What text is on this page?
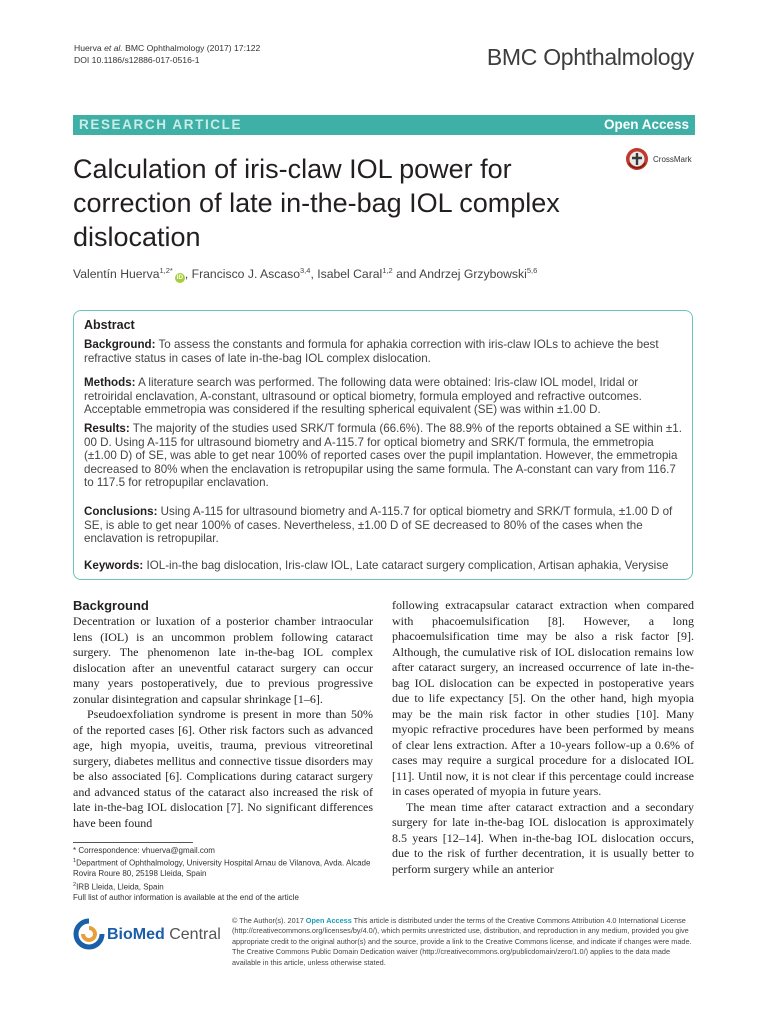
Huerva et al. BMC Ophthalmology (2017) 17:122
DOI 10.1186/s12886-017-0516-1	BMC Ophthalmology
RESEARCH ARTICLE	Open Access
Calculation of iris-claw IOL power for correction of late in-the-bag IOL complex dislocation
CrossMark
Valentín Huerva$^{1,2*}$iD , Francisco J. Ascaso$^{3,4}$, Isabel Caral$^{1,2}$ and Andrzej Grzybowski$^{5,6}$
Abstract
Background: To assess the constants and formula for aphakia correction with iris-claw IOLs to achieve the best refractive status in cases of late in-the-bag IOL complex dislocation.
Methods: A literature search was performed. The following data were obtained: Iris-claw IOL model, Iridal or retroiridal enclavation, A-constant, ultrasound or optical biometry, formula employed and refractive outcomes. Acceptable emmetropia was considered if the resulting spherical equivalent (SE) was within ±1.00 D.
Results: The majority of the studies used SRK/T formula (66.6%). The 88.9% of the reports obtained a SE within ±1. 00 D. Using A-115 for ultrasound biometry and A-115.7 for optical biometry and SRK/T formula, the emmetropia (±1.00 D) of SE, was able to get near 100% of reported cases over the pupil implantation. However, the emmetropia decreased to 80% when the enclavation is retropupilar using the same formula. The A-constant can vary from 116.7 to 117.5 for retropupilar enclavation.
Conclusions: Using A-115 for ultrasound biometry and A-115.7 for optical biometry and SRK/T formula, ±1.00 D of SE, is able to get near 100% of cases. Nevertheless, ±1.00 D of SE decreased to 80% of the cases when the enclavation is retropupilar.
Keywords: IOL-in-the bag dislocation, Iris-claw IOL, Late cataract surgery complication, Artisan aphakia, Verysise
Background

Decentration or luxation of a posterior chamber intraocular lens (IOL) is an uncommon problem following cataract surgery. The phenomenon late in-the-bag IOL complex dislocation after an uneventful cataract surgery can occur many years postoperatively, due to previous progressive zonular disintegration and capsular shrinkage [1–6].

Pseudoexfoliation syndrome is present in more than 50% of the reported cases [6]. Other risk factors such as advanced age, high myopia, uveitis, trauma, previous vitreoretinal surgery, diabetes mellitus and connective tissue disorders may be also associated [6]. Complications during cataract surgery and advanced status of the cataract also increased the risk of late in-the-bag IOL dislocation [7]. No significant differences have been found

following extracapsular cataract extraction when compared with phacoemulsification [8]. However, a long phacoemulsification time may be also a risk factor [9]. Although, the cumulative risk of IOL dislocation remains low after cataract surgery, an increased occurrence of late in-the-bag IOL dislocation can be expected in postoperative years due to life expectancy [5]. On the other hand, high myopia may be the main risk factor in other studies [10]. Many myopic refractive procedures have been performed by means of clear lens extraction. After a 10-years follow-up a 0.6% of cases may require a surgical procedure for a dislocated IOL [11]. Until now, it is not clear if this percentage could increase in cases operated of myopia in future years.

The mean time after cataract extraction and a secondary surgery for late in-the-bag IOL dislocation is approximately 8.5 years [12–14]. When in-the-bag IOL dislocation occurs, due to the risk of further decentration, it is usually better to perform surgery while an anterior

* Correspondence: vhuerva@gmail.com
$^1$Department of Ophthalmology, University Hospital Arnau de Vilanova, Avda. Alcade Rovira Roure 80, 25198 Lleida, Spain
$^2$IRB Lleida, Lleida, Spain
Full list of author information is available at the end of the article
BioMed Central
© The Author(s). 2017 Open Access This article is distributed under the terms of the Creative Commons Attribution 4.0 International License (http://creativecommons.org/licenses/by/4.0/), which permits unrestricted use, distribution, and reproduction in any medium, provided you give appropriate credit to the original author(s) and the source, provide a link to the Creative Commons license, and indicate if changes were made. The Creative Commons Public Domain Dedication waiver (http://creativecommons.org/publicdomain/zero/1.0/) applies to the data made available in this article, unless otherwise stated.
